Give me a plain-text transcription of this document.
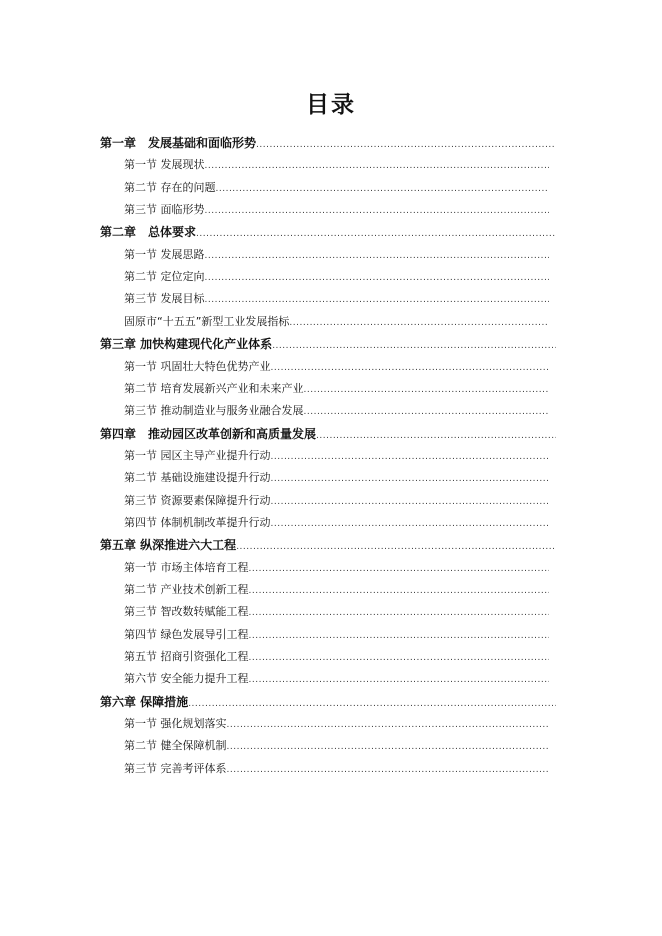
目录
第一章　发展基础和面临形势
.....
第一节 发展现状
.....
第二节 存在的问题
.....
第三节 面临形势
.....
第二章　总体要求
.....
第一节 发展思路
.....
第二节 定位定向
.....
第三节 发展目标
.....
固原市“十五五”新型工业发展指标
.....
第三章 加快构建现代化产业体系
.....
第一节 巩固壮大特色优势产业
.....
第二节 培育发展新兴产业和未来产业
.....
第三节 推动制造业与服务业融合发展
.....
第四章　推动园区改革创新和高质量发展
.....
第一节 园区主导产业提升行动
.....
第二节 基础设施建设提升行动
.....
第三节 资源要素保障提升行动
.....
第四节 体制机制改革提升行动
.....
第五章 纵深推进六大工程
.....
第一节 市场主体培育工程
.....
第二节 产业技术创新工程
.....
第三节 智改数转赋能工程
.....
第四节 绿色发展导引工程
.....
第五节 招商引资强化工程
.....
第六节 安全能力提升工程
.....
第六章 保障措施
.....
第一节 强化规划落实
.....
第二节 健全保障机制
.....
第三节 完善考评体系
.....
